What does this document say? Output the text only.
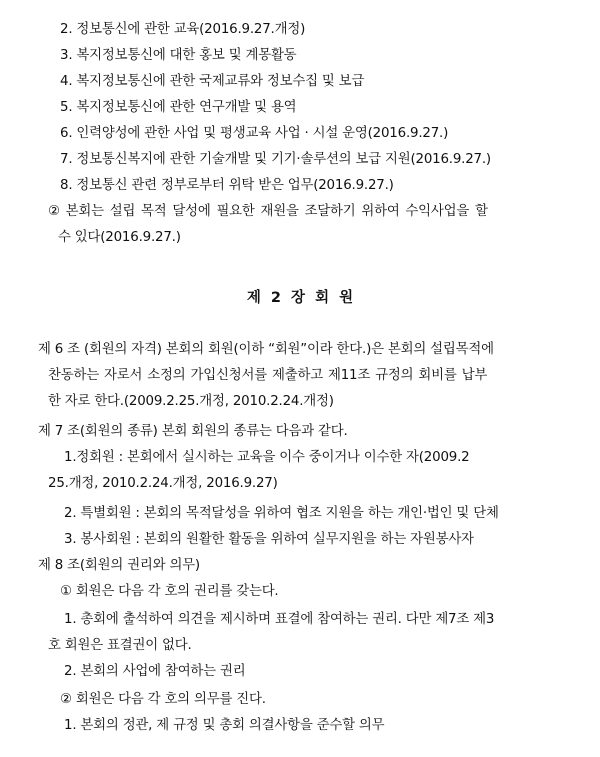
2. 정보통신에 관한 교육(2016.9.27.개정)
3. 복지정보통신에 대한 홍보 및 계몽활동
4. 복지정보통신에 관한 국제교류와 정보수집 및 보급
5. 복지정보통신에 관한 연구개발 및 용역
6. 인력양성에 관한 사업 및 평생교육 사업 · 시설 운영(2016.9.27.)
7. 정보통신복지에 관한 기술개발 및 기기·솔루션의 보급 지원(2016.9.27.)
8. 정보통신 관련 정부로부터 위탁 받은 업무(2016.9.27.)
② 본회는 설립 목적 달성에 필요한 재원을 조달하기 위하여 수익사업을 할
수 있다(2016.9.27.)
제 2 장 회 원
제 6 조 (회원의 자격) 본회의 회원(이하 “회원”이라 한다.)은 본회의 설립목적에
찬동하는 자로서 소정의 가입신청서를 제출하고 제11조 규정의 회비를 납부
한 자로 한다.(2009.2.25.개정, 2010.2.24.개정)
제 7 조(회원의 종류) 본회 회원의 종류는 다음과 같다.
1.정회원 : 본회에서 실시하는 교육을 이수 중이거나 이수한 자(2009.2
25.개정, 2010.2.24.개정, 2016.9.27)
2. 특별회원 : 본회의 목적달성을 위하여 협조 지원을 하는 개인·법인 및 단체
3. 봉사회원 : 본회의 원활한 활동을 위하여 실무지원을 하는 자원봉사자
제 8 조(회원의 권리와 의무)
① 회원은 다음 각 호의 권리를 갖는다.
1. 총회에 출석하여 의견을 제시하며 표결에 참여하는 권리. 다만 제7조 제3
호 회원은 표결권이 없다.
2. 본회의 사업에 참여하는 권리
② 회원은 다음 각 호의 의무를 진다.
1. 본회의 정관, 제 규정 및 총회 의결사항을 준수할 의무
